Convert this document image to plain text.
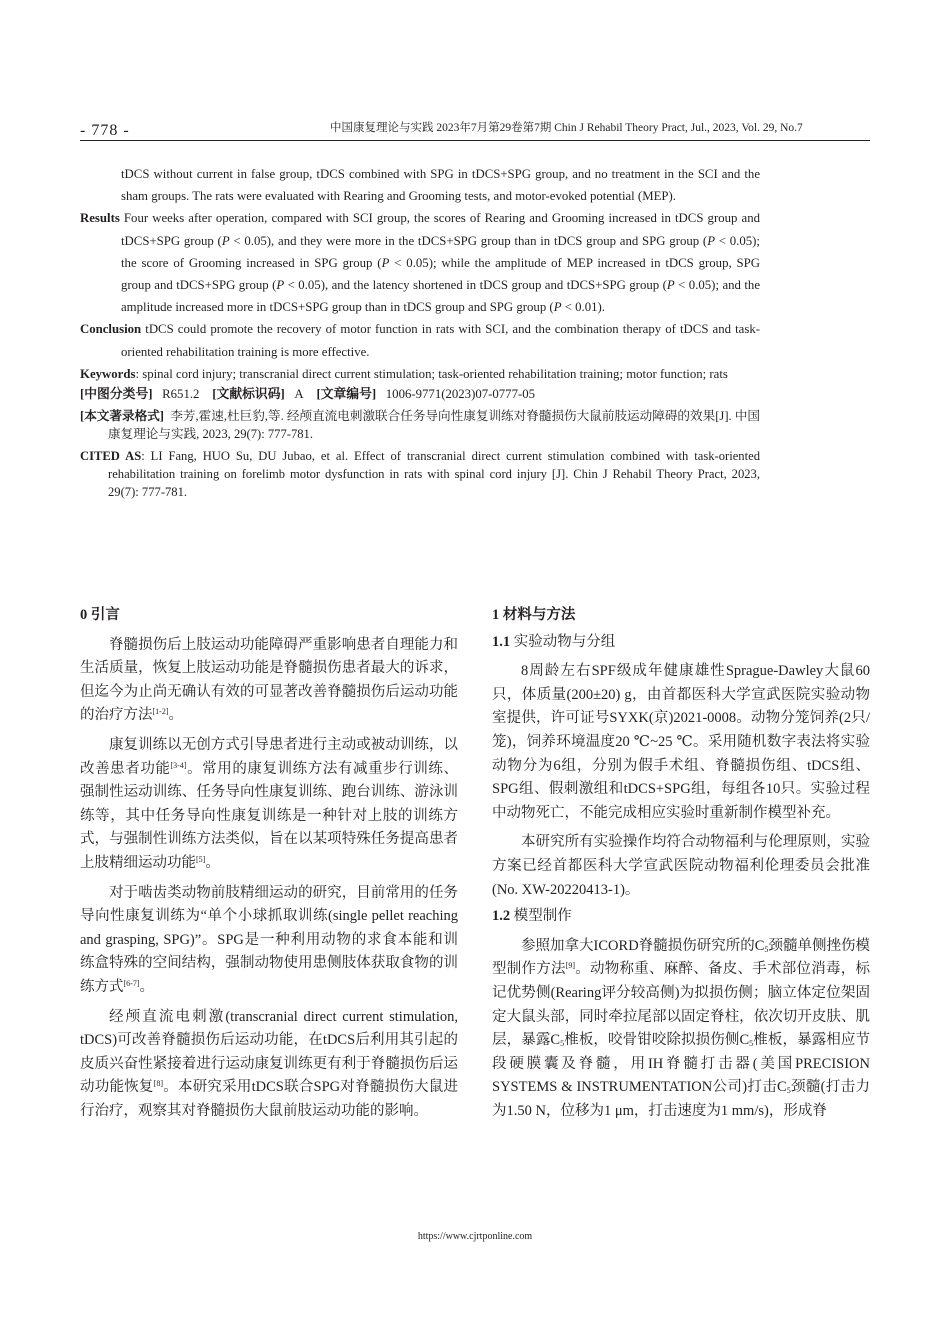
- 778 -	中国康复理论与实践 2023年7月第29卷第7期 Chin J Rehabil Theory Pract, Jul., 2023, Vol. 29, No.7

tDCS without current in false group, tDCS combined with SPG in tDCS+SPG group, and no treatment in the SCI and the sham groups. The rats were evaluated with Rearing and Grooming tests, and motor-evoked potential (MEP).

Results Four weeks after operation, compared with SCI group, the scores of Rearing and Grooming increased in tDCS group and tDCS+SPG group (P < 0.05), and they were more in the tDCS+SPG group than in tDCS group and SPG group (P < 0.05); the score of Grooming increased in SPG group (P < 0.05); while the amplitude of MEP increased in tDCS group, SPG group and tDCS+SPG group (P < 0.05), and the latency shortened in tDCS group and tDCS+SPG group (P < 0.05); and the amplitude increased more in tDCS+SPG group than in tDCS group and SPG group (P < 0.01).

Conclusion tDCS could promote the recovery of motor function in rats with SCI, and the combination therapy of tDCS and task-oriented rehabilitation training is more effective.

Keywords: spinal cord injury; transcranial direct current stimulation; task-oriented rehabilitation training; motor function; rats

[中图分类号] R651.2 [文献标识码] A [文章编号] 1006-9771(2023)07-0777-05

[本文著录格式] 李芳,霍速,杜巨豹,等. 经颅直流电刺激联合任务导向性康复训练对脊髓损伤大鼠前肢运动障碍的效果[J]. 中国康复理论与实践, 2023, 29(7): 777-781.

CITED AS: LI Fang, HUO Su, DU Jubao, et al. Effect of transcranial direct current stimulation combined with task-oriented rehabilitation training on forelimb motor dysfunction in rats with spinal cord injury [J]. Chin J Rehabil Theory Pract, 2023, 29(7): 777-781.

0 引言

脊髓损伤后上肢运动功能障碍严重影响患者自理能力和生活质量，恢复上肢运动功能是脊髓损伤患者最大的诉求，但迄今为止尚无确认有效的可显著改善脊髓损伤后运动功能的治疗方法[1-2]。

康复训练以无创方式引导患者进行主动或被动训练，以改善患者功能[3-4]。常用的康复训练方法有减重步行训练、强制性运动训练、任务导向性康复训练、跑台训练、游泳训练等，其中任务导向性康复训练是一种针对上肢的训练方式，与强制性训练方法类似，旨在以某项特殊任务提高患者上肢精细运动功能[5]。

对于啮齿类动物前肢精细运动的研究，目前常用的任务导向性康复训练为“单个小球抓取训练(single pellet reaching and grasping, SPG)”。SPG是一种利用动物的求食本能和训练盒特殊的空间结构，强制动物使用患侧肢体获取食物的训练方式[6-7]。

经颅直流电刺激(transcranial direct current stimulation, tDCS)可改善脊髓损伤后运动功能，在tDCS后利用其引起的皮质兴奋性紧接着进行运动康复训练更有利于脊髓损伤后运动功能恢复[8]。本研究采用tDCS联合SPG对脊髓损伤大鼠进行治疗，观察其对脊髓损伤大鼠前肢运动功能的影响。

1 材料与方法
1.1 实验动物与分组

8周龄左右SPF级成年健康雄性Sprague-Dawley大鼠60只，体质量(200±20) g，由首都医科大学宣武医院实验动物室提供，许可证号SYXK(京)2021-0008。动物分笼饲养(2只/笼)，饲养环境温度20 ℃~25 ℃。采用随机数字表法将实验动物分为6组，分别为假手术组、脊髓损伤组、tDCS组、SPG组、假刺激组和tDCS+SPG组，每组各10只。实验过程中动物死亡，不能完成相应实验时重新制作模型补充。

本研究所有实验操作均符合动物福利与伦理原则，实验方案已经首都医科大学宣武医院动物福利伦理委员会批准(No. XW-20220413-1)。

1.2 模型制作

参照加拿大ICORD脊髓损伤研究所的$C_5$颈髓单侧挫伤模型制作方法[9]。动物称重、麻醉、备皮、手术部位消毒，标记优势侧(Rearing评分较高侧)为拟损伤侧；脑立体定位架固定大鼠头部，同时牵拉尾部以固定脊柱，依次切开皮肤、肌层，暴露$C_5$椎板，咬骨钳咬除拟损伤侧$C_5$椎板，暴露相应节段硬膜囊及脊髓，用IH脊髓打击器(美国PRECISION SYSTEMS & INSTRUMENTATION公司)打击$C_5$颈髓(打击力为1.50 N，位移为1 μm，打击速度为1 mm/s)，形成脊

https://www.cjrtponline.com
